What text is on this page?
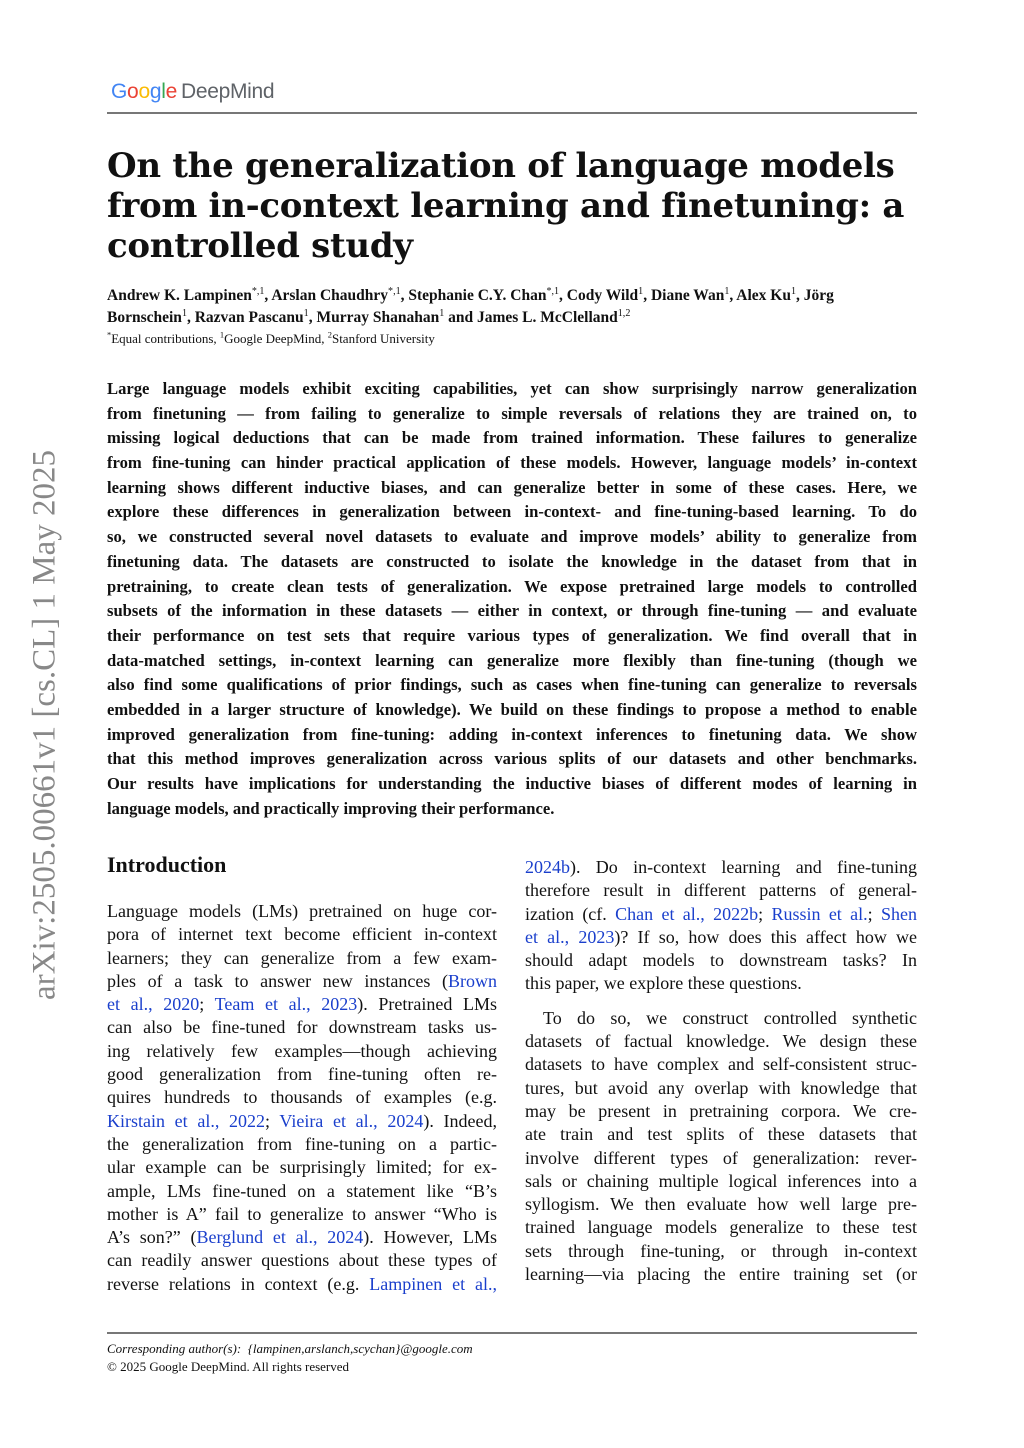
Google DeepMind
On the generalization of language models
from in-context learning and finetuning: a
controlled study
Andrew K. Lampinen$^{*,1}$, Arslan Chaudhry$^{*,1}$, Stephanie C.Y. Chan$^{*,1}$, Cody Wild$^1$, Diane Wan$^1$, Alex Ku$^1$, Jörg
Bornschein$^1$, Razvan Pascanu$^1$, Murray Shanahan$^1$ and James L. McClelland$^{1,2}$
*Equal contributions, $^1$Google DeepMind, $^2$Stanford University
Large language models exhibit exciting capabilities, yet can show surprisingly narrow generalization
from finetuning — from failing to generalize to simple reversals of relations they are trained on, to
missing logical deductions that can be made from trained information. These failures to generalize
from fine-tuning can hinder practical application of these models. However, language models’ in-context
learning shows different inductive biases, and can generalize better in some of these cases. Here, we
explore these differences in generalization between in-context- and fine-tuning-based learning. To do
so, we constructed several novel datasets to evaluate and improve models’ ability to generalize from
finetuning data. The datasets are constructed to isolate the knowledge in the dataset from that in
pretraining, to create clean tests of generalization. We expose pretrained large models to controlled
subsets of the information in these datasets — either in context, or through fine-tuning — and evaluate
their performance on test sets that require various types of generalization. We find overall that in
data-matched settings, in-context learning can generalize more flexibly than fine-tuning (though we
also find some qualifications of prior findings, such as cases when fine-tuning can generalize to reversals
embedded in a larger structure of knowledge). We build on these findings to propose a method to enable
improved generalization from fine-tuning: adding in-context inferences to finetuning data. We show
that this method improves generalization across various splits of our datasets and other benchmarks.
Our results have implications for understanding the inductive biases of different modes of learning in
language models, and practically improving their performance.
arXiv:2505.00661v1 [cs.CL] 1 May 2025 Introduction
Language models (LMs) pretrained on huge cor-
pora of internet text become efficient in-context
learners; they can generalize from a few exam-
ples of a task to answer new instances (Brown
et al., 2020; Team et al., 2023). Pretrained LMs
can also be fine-tuned for downstream tasks us-
ing relatively few examples—though achieving
good generalization from fine-tuning often re-
quires hundreds to thousands of examples (e.g.
Kirstain et al., 2022; Vieira et al., 2024). Indeed,
the generalization from fine-tuning on a partic-
ular example can be surprisingly limited; for ex-
ample, LMs fine-tuned on a statement like “B’s
mother is A” fail to generalize to answer “Who is
A’s son?” (Berglund et al., 2024). However, LMs
can readily answer questions about these types of
reverse relations in context (e.g. Lampinen et al.,
2024b). Do in-context learning and fine-tuning
therefore result in different patterns of general-
ization (cf. Chan et al., 2022b; Russin et al.; Shen
et al., 2023)? If so, how does this affect how we
should adapt models to downstream tasks? In
this paper, we explore these questions.
To do so, we construct controlled synthetic
datasets of factual knowledge. We design these
datasets to have complex and self-consistent struc-
tures, but avoid any overlap with knowledge that
may be present in pretraining corpora. We cre-
ate train and test splits of these datasets that
involve different types of generalization: rever-
sals or chaining multiple logical inferences into a
syllogism. We then evaluate how well large pre-
trained language models generalize to these test
sets through fine-tuning, or through in-context
learning—via placing the entire training set (or
Corresponding author(s): {lampinen,arslanch,scychan}@google.com
© 2025 Google DeepMind. All rights reserved
